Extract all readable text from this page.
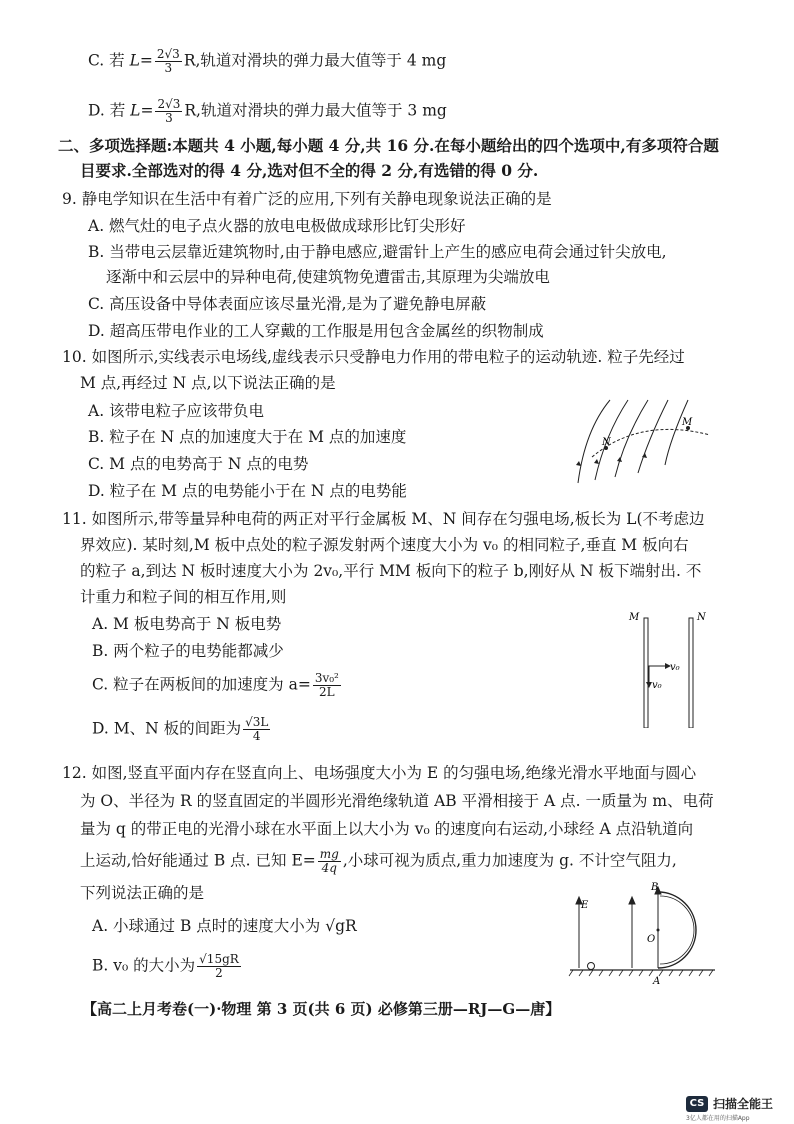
C. 若 $L= \frac{2√3}{3} R$,轨道对滑块的弹力最大值等于 4 mg
D. 若 $L= \frac{2√3}{3} R$,轨道对滑块的弹力最大值等于 3 mg
二、多项选择题:本题共 4 小题,每小题 4 分,共 16 分.在每小题给出的四个选项中,有多项符合题
目要求.全部选对的得 4 分,选对但不全的得 2 分,有选错的得 0 分.
9. 静电学知识在生活中有着广泛的应用,下列有关静电现象说法正确的是
A. 燃气灶的电子点火器的放电电极做成球形比钉尖形好
B. 当带电云层靠近建筑物时,由于静电感应,避雷针上产生的感应电荷会通过针尖放电,
逐渐中和云层中的异种电荷,使建筑物免遭雷击,其原理为尖端放电
C. 高压设备中导体表面应该尽量光滑,是为了避免静电屏蔽
D. 超高压带电作业的工人穿戴的工作服是用包含金属丝的织物制成
10. 如图所示,实线表示电场线,虚线表示只受静电力作用的带电粒子的运动轨迹. 粒子先经过
M 点,再经过 N 点,以下说法正确的是
A. 该带电粒子应该带负电
B. 粒子在 N 点的加速度大于在 M 点的加速度
C. M 点的电势高于 N 点的电势
D. 粒子在 M 点的电势能小于在 N 点的电势能
N
M
11. 如图所示,带等量异种电荷的两正对平行金属板 M、N 间存在匀强电场,板长为 L(不考虑边
界效应). 某时刻,M 板中点处的粒子源发射两个速度大小为 v₀ 的相同粒子,垂直 M 板向右
的粒子 a,到达 N 板时速度大小为 2v₀,平行 MM 板向下的粒子 b,刚好从 N 板下端射出. 不
计重力和粒子间的相互作用,则
A. M 板电势高于 N 板电势
B. 两个粒子的电势能都减少
C. 粒子在两板间的加速度为 $a= \frac{\text{3v₀²}}{2L}$
D. M、N 板的间距为 $\frac{√3L}{4}$
M	N
v₀
v₀
12. 如图,竖直平面内存在竖直向上、电场强度大小为 E 的匀强电场,绝缘光滑水平地面与圆心
为 O、半径为 R 的竖直固定的半圆形光滑绝缘轨道 AB 平滑相接于 A 点. 一质量为 m、电荷
量为 q 的带正电的光滑小球在水平面上以大小为 v₀ 的速度向右运动,小球经 A 点沿轨道向
上运动,恰好能通过 B 点. 已知 $E= \frac{mg}{4q}$ ,小球可视为质点,重力加速度为 g. 不计空气阻力,
下列说法正确的是
A. 小球通过 B 点时的速度大小为 √gR
B. v₀ 的大小为 $\frac{√15gR}{2}$
E
B
O
A
【高二上月考卷(一)·物理 第 3 页(共 6 页) 必修第三册—RJ—G—唐】
CS 扫描全能王
3亿人都在用的扫描App
